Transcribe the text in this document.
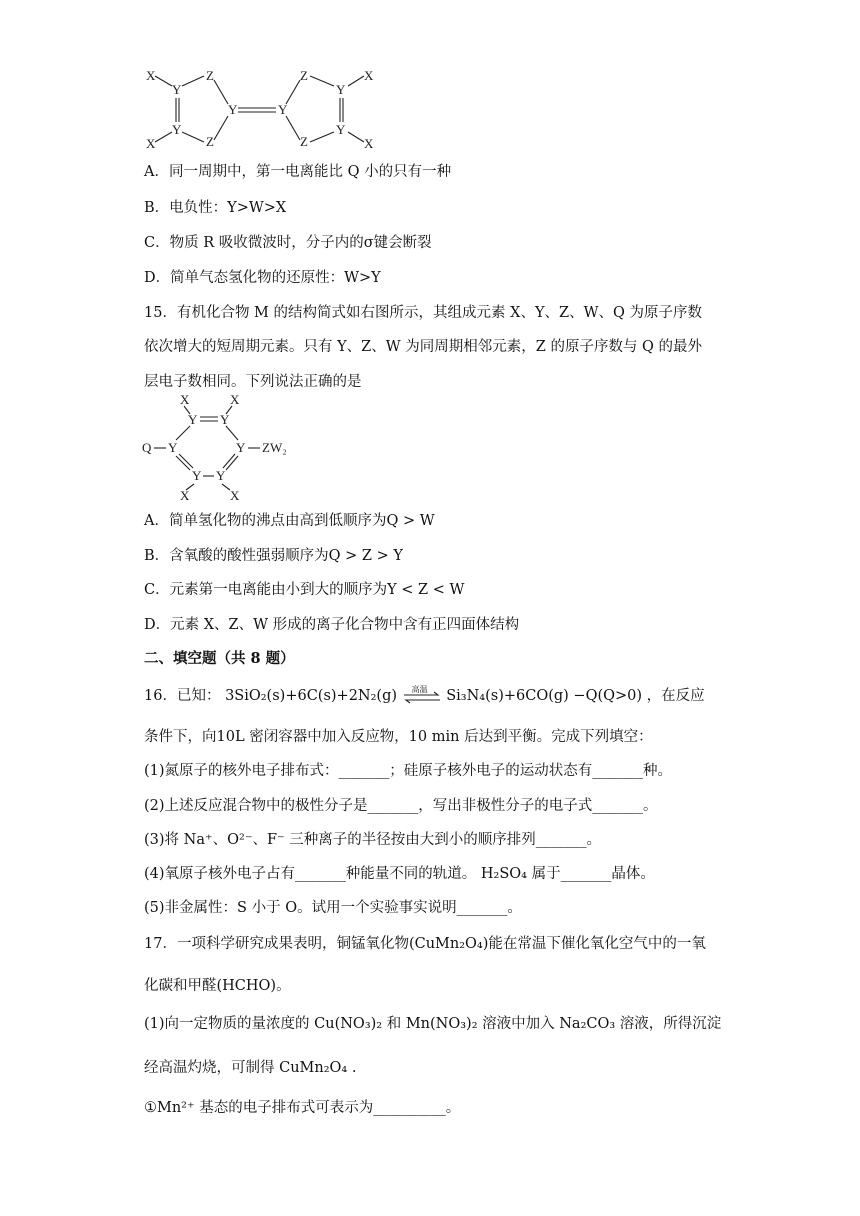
X
Y
Z
Y
Y
Z
X
Y
Z
Y
Z
Y
X
X
A．同一周期中，第一电离能比 Q 小的只有一种
B．电负性：Y>W>X
C．物质 R 吸收微波时，分子内的σ键会断裂
D．简单气态氢化物的还原性：W>Y
15．有机化合物 M 的结构简式如右图所示，其组成元素 X、Y、Z、W、Q 为原子序数
依次增大的短周期元素。只有 Y、Z、W 为同周期相邻元素，Z 的原子序数与 Q 的最外
层电子数相同。下列说法正确的是
X	X
Y Y
Q Y	Y ZW₂
Y Y
X	X
A．简单氢化物的沸点由高到低顺序为Q > W
B．含氧酸的酸性强弱顺序为Q > Z > Y
C．元素第一电离能由小到大的顺序为Y < Z < W
D．元素 X、Z、W 形成的离子化合物中含有正四面体结构
二、填空题（共 8 题）
16．已知： 3SiO₂(s)+6C(s)+2N₂(g) 高温 Si₃N₄(s)+6CO(g) −Q(Q>0) ，在反应
条件下，向10L 密闭容器中加入反应物，10 min 后达到平衡。完成下列填空：
(1)氮原子的核外电子排布式：_______；硅原子核外电子的运动状态有_______种。
(2)上述反应混合物中的极性分子是_______，写出非极性分子的电子式_______。
(3)将 Na⁺、O²⁻、F⁻ 三种离子的半径按由大到小的顺序排列_______。
(4)氧原子核外电子占有_______种能量不同的轨道。 H₂SO₄ 属于_______晶体。
(5)非金属性：S 小于 O。试用一个实验事实说明_______。
17．一项科学研究成果表明，铜锰氧化物(CuMn₂O₄)能在常温下催化氧化空气中的一氧
化碳和甲醛(HCHO)。
(1)向一定物质的量浓度的 Cu(NO₃)₂ 和 Mn(NO₃)₂ 溶液中加入 Na₂CO₃ 溶液，所得沉淀
经高温灼烧，可制得 CuMn₂O₄ .
①Mn²⁺ 基态的电子排布式可表示为__________。
